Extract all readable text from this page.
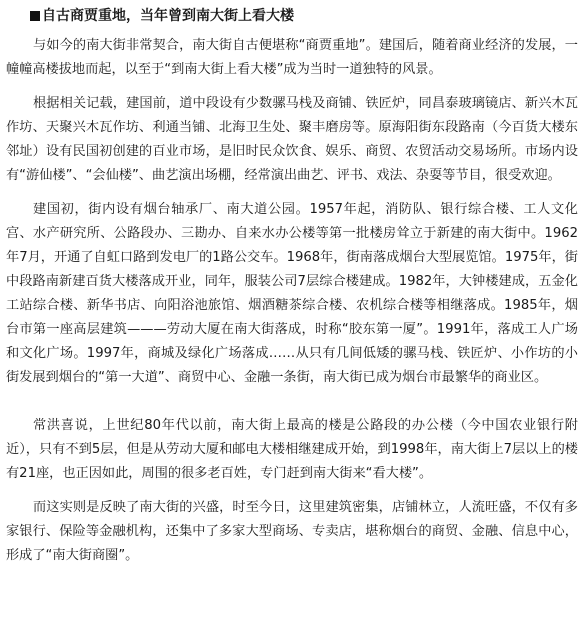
自古商贾重地，当年曾到南大街上看大楼

与如今的南大街非常契合，南大街自古便堪称“商贾重地”。建国后，随着商业经济的发展，一幢幢高楼拔地而起，以至于“到南大街上看大楼”成为当时一道独特的风景。

根据相关记载，建国前，道中段设有少数骡马栈及商铺、铁匠炉，同昌泰玻璃镜店、新兴木瓦作坊、天聚兴木瓦作坊、利通当铺、北海卫生处、聚丰磨房等。原海阳街东段路南（今百货大楼东邻址）设有民国初创建的百业市场，是旧时民众饮食、娱乐、商贸、农贸活动交易场所。市场内设有“游仙楼”、“会仙楼”、曲艺演出场棚，经常演出曲艺、评书、戏法、杂耍等节目，很受欢迎。

建国初，街内设有烟台轴承厂、南大道公园。1957年起，消防队、银行综合楼、工人文化宫、水产研究所、公路段办、三勘办、自来水办公楼等第一批楼房耸立于新建的南大街中。1962年7月，开通了自虹口路到发电厂的1路公交车。1968年，街南落成烟台大型展览馆。1975年，街中段路南新建百货大楼落成开业，同年，服装公司7层综合楼建成。1982年，大钟楼建成，五金化工站综合楼、新华书店、向阳浴池旅馆、烟酒糖茶综合楼、农机综合楼等相继落成。1985年，烟台市第一座高层建筑———劳动大厦在南大街落成，时称“胶东第一厦”。1991年，落成工人广场和文化广场。1997年，商城及绿化广场落成……从只有几间低矮的骡马栈、铁匠炉、小作坊的小街发展到烟台的“第一大道”、商贸中心、金融一条街，南大街已成为烟台市最繁华的商业区。

常洪喜说，上世纪80年代以前，南大街上最高的楼是公路段的办公楼（今中国农业银行附近），只有不到5层，但是从劳动大厦和邮电大楼相继建成开始，到1998年，南大街上7层以上的楼有21座，也正因如此，周围的很多老百姓，专门赶到南大街来“看大楼”。

而这实则是反映了南大街的兴盛，时至今日，这里建筑密集，店铺林立，人流旺盛，不仅有多家银行、保险等金融机构，还集中了多家大型商场、专卖店，堪称烟台的商贸、金融、信息中心，形成了“南大街商圈”。
